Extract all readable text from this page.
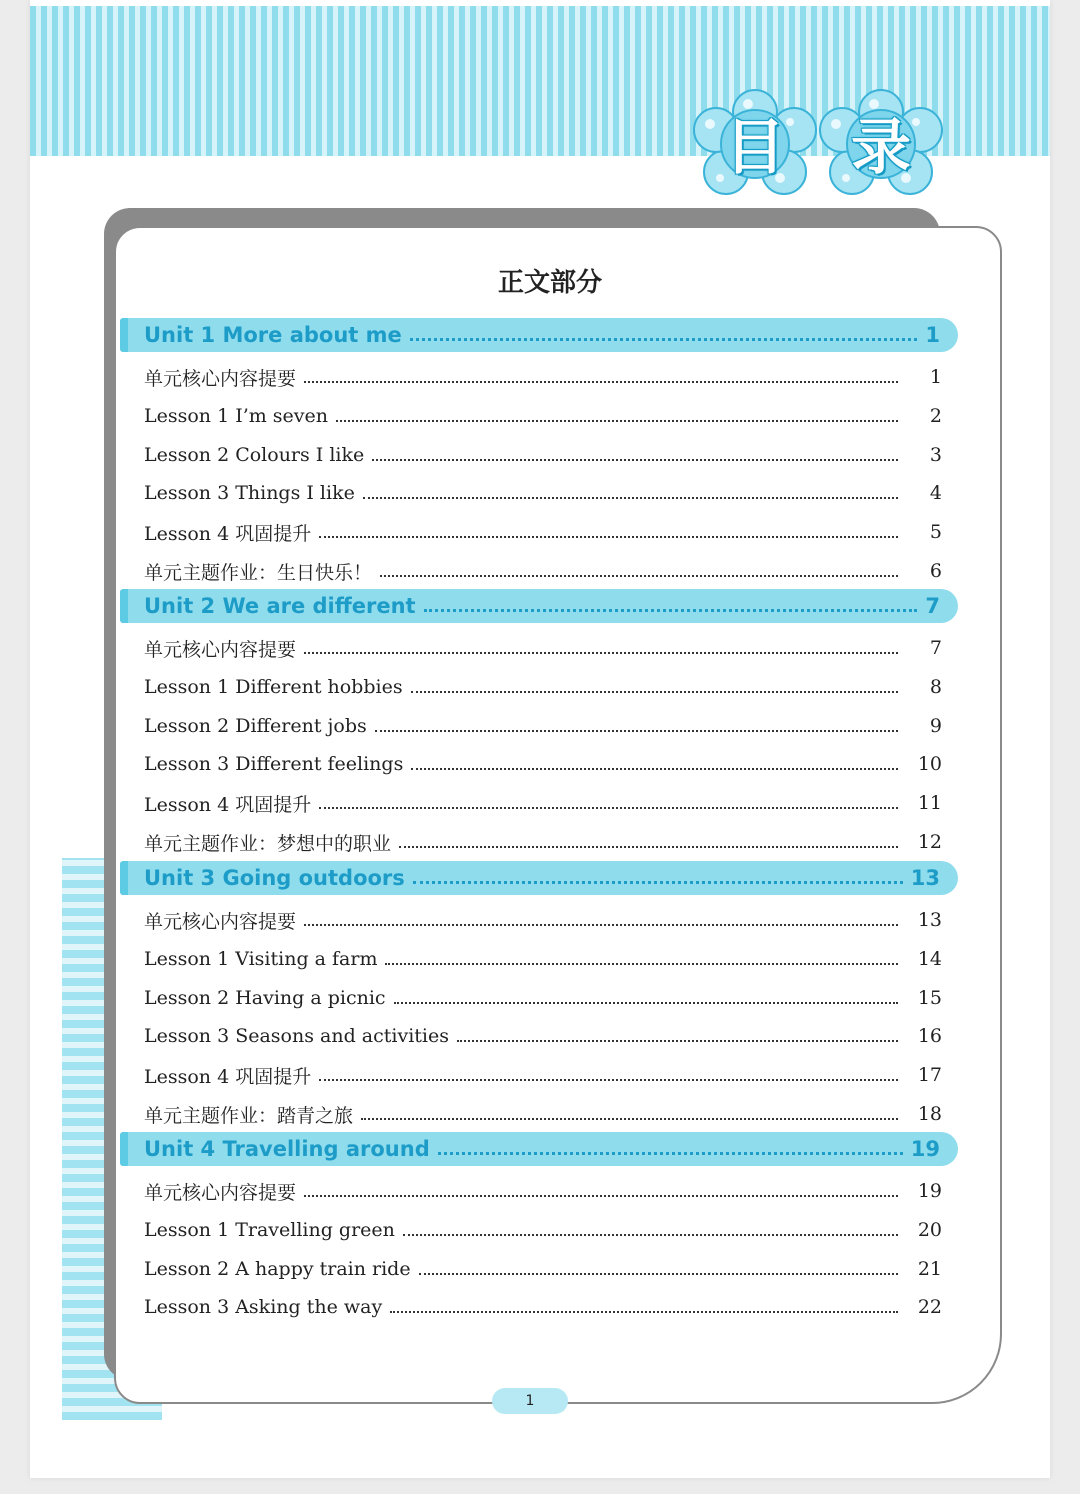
目	录
正文部分
Unit 1 More about me	1
单元核心内容提要	1
Lesson 1 I’m seven	2
Lesson 2 Colours I like	3
Lesson 3 Things I like	4
Lesson 4 巩固提升	5
单元主题作业：生日快乐！	6
Unit 2 We are different	7
单元核心内容提要	7
Lesson 1 Different hobbies	8
Lesson 2 Different jobs	9
Lesson 3 Different feelings	10
Lesson 4 巩固提升	11
单元主题作业：梦想中的职业	12
Unit 3 Going outdoors	13
单元核心内容提要	13
Lesson 1 Visiting a farm	14
Lesson 2 Having a picnic	15
Lesson 3 Seasons and activities	16
Lesson 4 巩固提升	17
单元主题作业：踏青之旅	18
Unit 4 Travelling around	19
单元核心内容提要	19
Lesson 1 Travelling green	20
Lesson 2 A happy train ride	21
Lesson 3 Asking the way	22
1
